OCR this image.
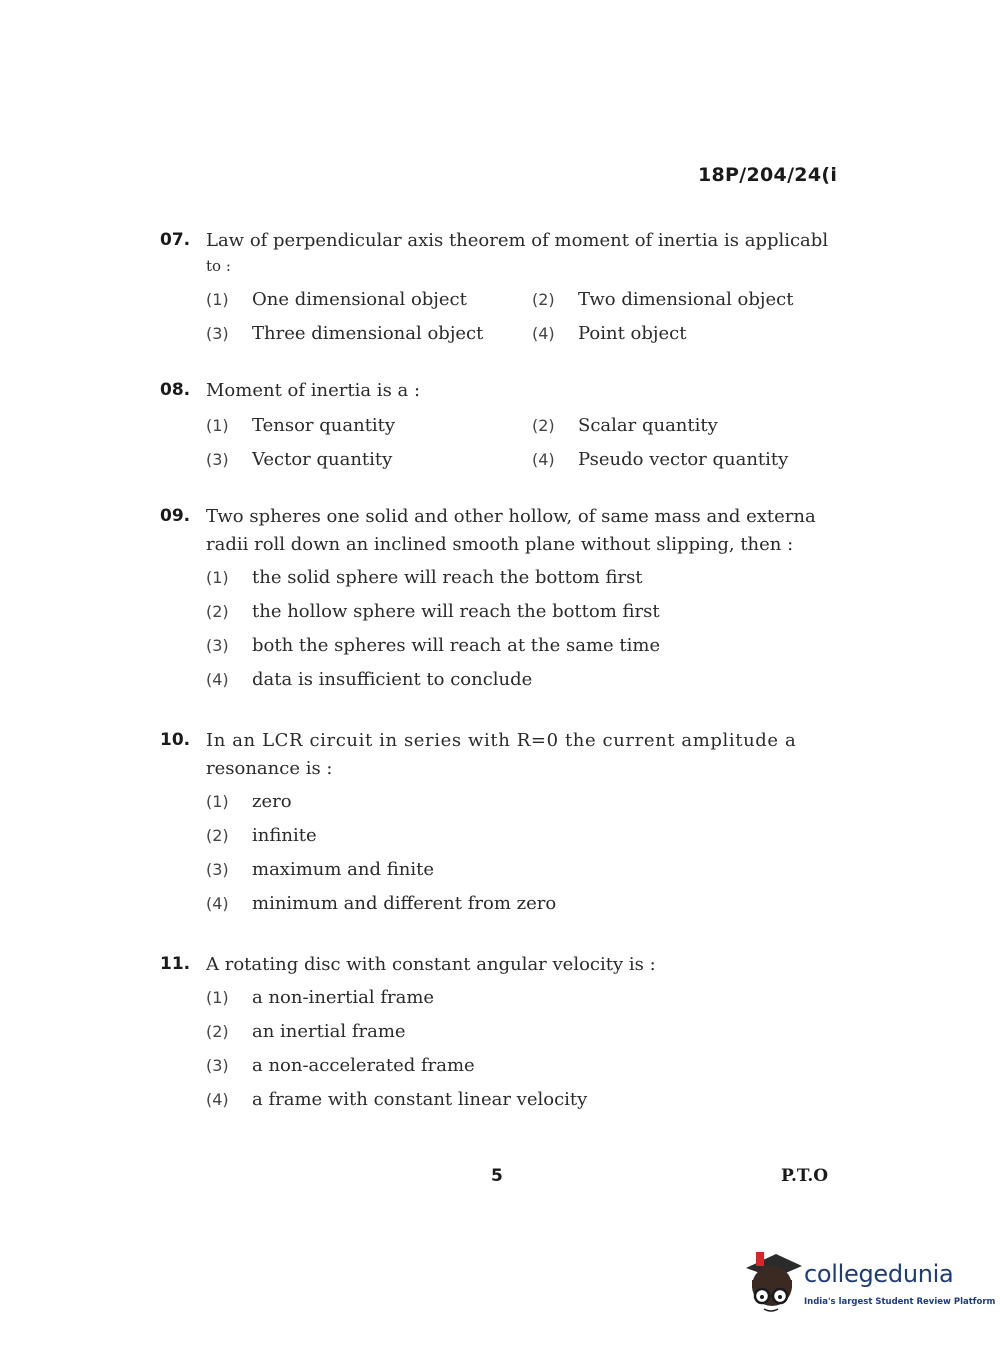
18P/204/24(i
07. Law of perpendicular axis theorem of moment of inertia is applicabl
to :
(1) One dimensional object	(2) Two dimensional object
(3) Three dimensional object	(4) Point object
08. Moment of inertia is a :
(1) Tensor quantity	(2) Scalar quantity
(3) Vector quantity	(4) Pseudo vector quantity
09. Two spheres one solid and other hollow, of same mass and externa
radii roll down an inclined smooth plane without slipping, then :
(1) the solid sphere will reach the bottom first
(2) the hollow sphere will reach the bottom first
(3) both the spheres will reach at the same time
(4) data is insufficient to conclude
10. In an LCR circuit in series with R=0 the current amplitude a
resonance is :
(1) zero
(2) infinite
(3) maximum and finite
(4) minimum and different from zero
11. A rotating disc with constant angular velocity is :
(1) a non-inertial frame
(2) an inertial frame
(3) a non-accelerated frame
(4) a frame with constant linear velocity
5	P.T.O
collegedunia
India's largest Student Review Platform
